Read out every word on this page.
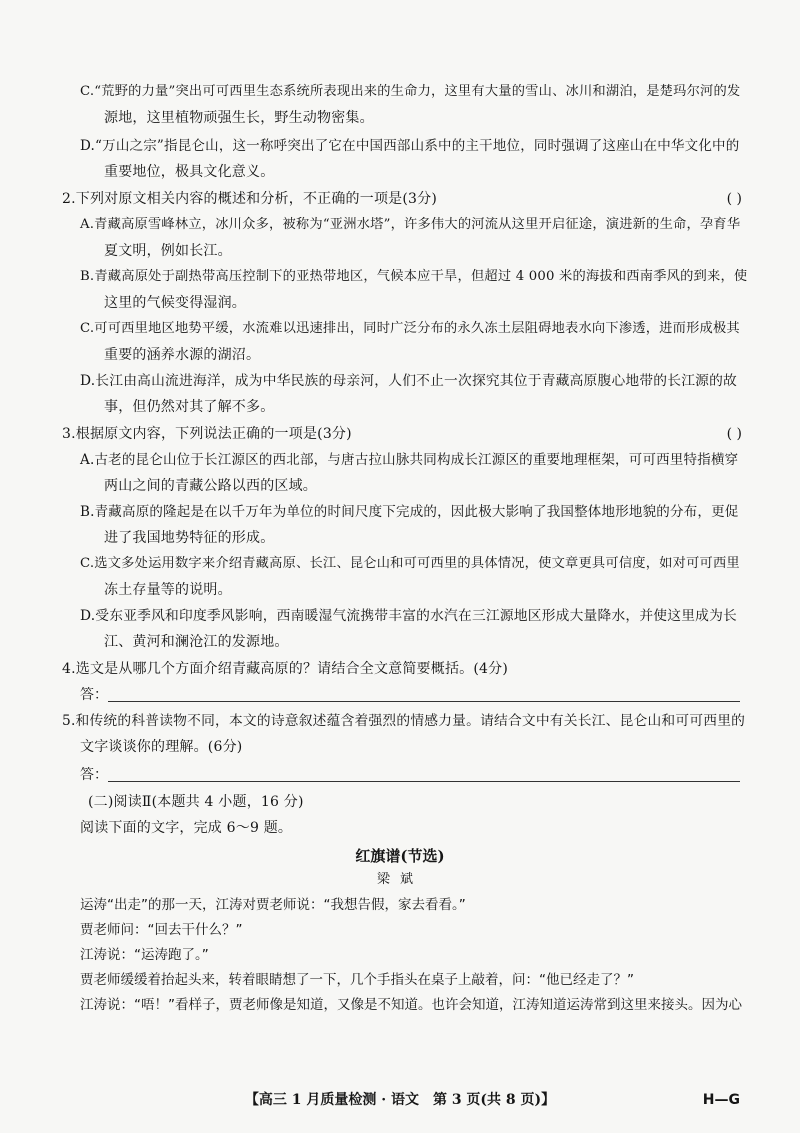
C.“荒野的力量”突出可可西里生态系统所表现出来的生命力，这里有大量的雪山、冰川和湖泊，是楚玛尔河的发
源地，这里植物顽强生长，野生动物密集。
D.“万山之宗”指昆仑山，这一称呼突出了它在中国西部山系中的主干地位，同时强调了这座山在中华文化中的
重要地位，极具文化意义。
2.下列对原文相关内容的概述和分析，不正确的一项是(3分)	( )
A.青藏高原雪峰林立，冰川众多，被称为“亚洲水塔”，许多伟大的河流从这里开启征途，演进新的生命，孕育华
夏文明，例如长江。
B.青藏高原处于副热带高压控制下的亚热带地区，气候本应干旱，但超过 4 000 米的海拔和西南季风的到来，使
这里的气候变得湿润。
C.可可西里地区地势平缓，水流难以迅速排出，同时广泛分布的永久冻土层阻碍地表水向下渗透，进而形成极其
重要的涵养水源的湖沼。
D.长江由高山流进海洋，成为中华民族的母亲河，人们不止一次探究其位于青藏高原腹心地带的长江源的故
事，但仍然对其了解不多。
3.根据原文内容，下列说法正确的一项是(3分)	( )
A.古老的昆仑山位于长江源区的西北部，与唐古拉山脉共同构成长江源区的重要地理框架，可可西里特指横穿
两山之间的青藏公路以西的区域。
B.青藏高原的隆起是在以千万年为单位的时间尺度下完成的，因此极大影响了我国整体地形地貌的分布，更促
进了我国地势特征的形成。
C.选文多处运用数字来介绍青藏高原、长江、昆仑山和可可西里的具体情况，使文章更具可信度，如对可可西里
冻土存量等的说明。
D.受东亚季风和印度季风影响，西南暖湿气流携带丰富的水汽在三江源地区形成大量降水，并使这里成为长
江、黄河和澜沧江的发源地。
4.选文是从哪几个方面介绍青藏高原的？请结合全文意简要概括。(4分)
答：
5.和传统的科普读物不同，本文的诗意叙述蕴含着强烈的情感力量。请结合文中有关长江、昆仑山和可可西里的
文字谈谈你的理解。(6分)
答：
(二)阅读Ⅱ(本题共 4 小题，16 分)
阅读下面的文字，完成 6～9 题。
红旗谱(节选)
梁斌
运涛“出走”的那一天，江涛对贾老师说：“我想告假，家去看看。”
贾老师问：“回去干什么？”
江涛说：“运涛跑了。”
贾老师缓缓着抬起头来，转着眼睛想了一下，几个手指头在桌子上敲着，问：“他已经走了？”
江涛说：“唔！”看样子，贾老师像是知道，又像是不知道。也许会知道，江涛知道运涛常到这里来接头。因为心
【高三 1 月质量检测 · 语文　第 3 页(共 8 页)】	H—G
